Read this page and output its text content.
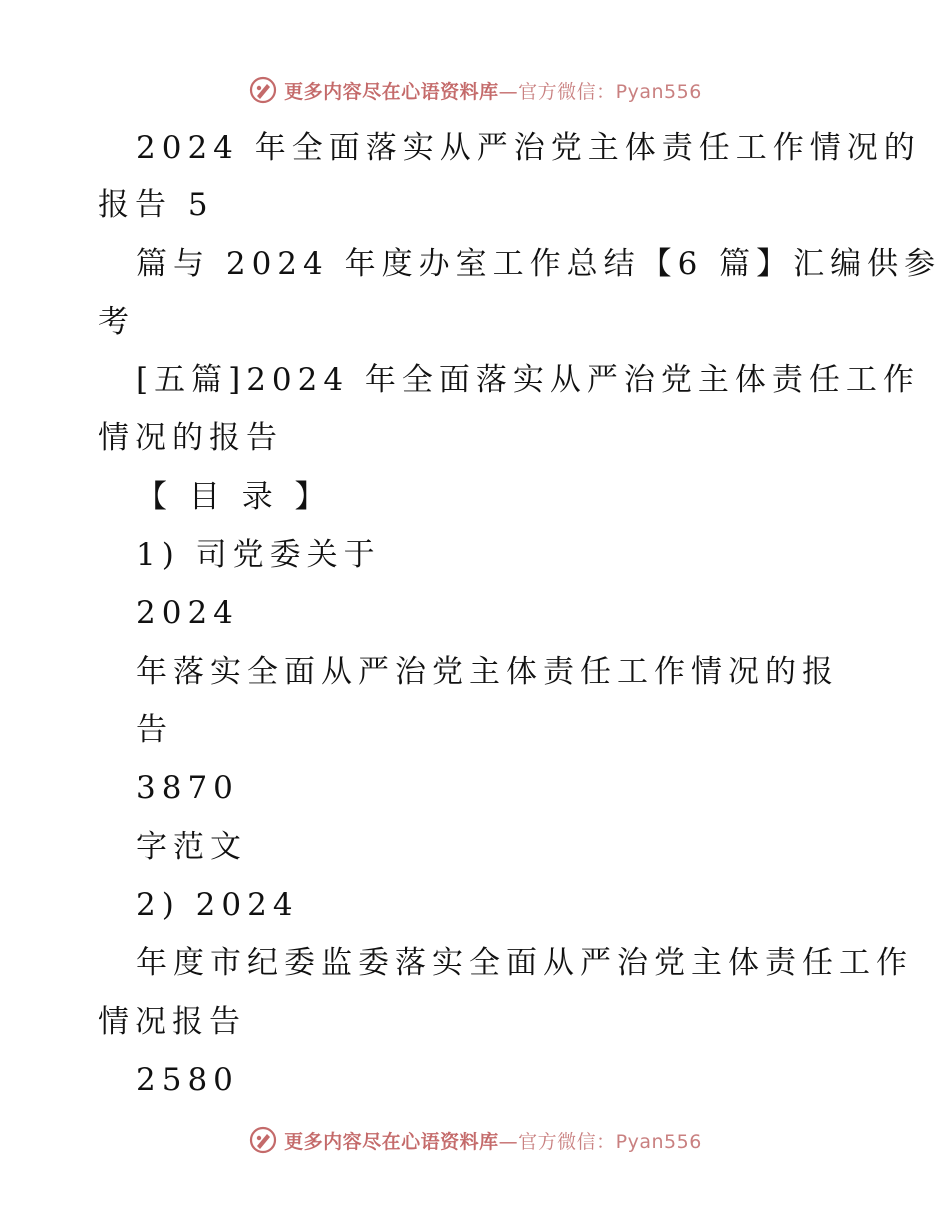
更多内容尽在心语资料库—官方微信：Pyan556
2024 年全面落实从严治党主体责任工作情况的
报告 5
篇与 2024 年度办室工作总结【6 篇】汇编供参
考
[五篇]2024 年全面落实从严治党主体责任工作
情况的报告
【 目 录 】
1) 司党委关于
2024
年落实全面从严治党主体责任工作情况的报
告
3870
字范文
2) 2024
年度市纪委监委落实全面从严治党主体责任工作
情况报告
2580
更多内容尽在心语资料库—官方微信：Pyan556
